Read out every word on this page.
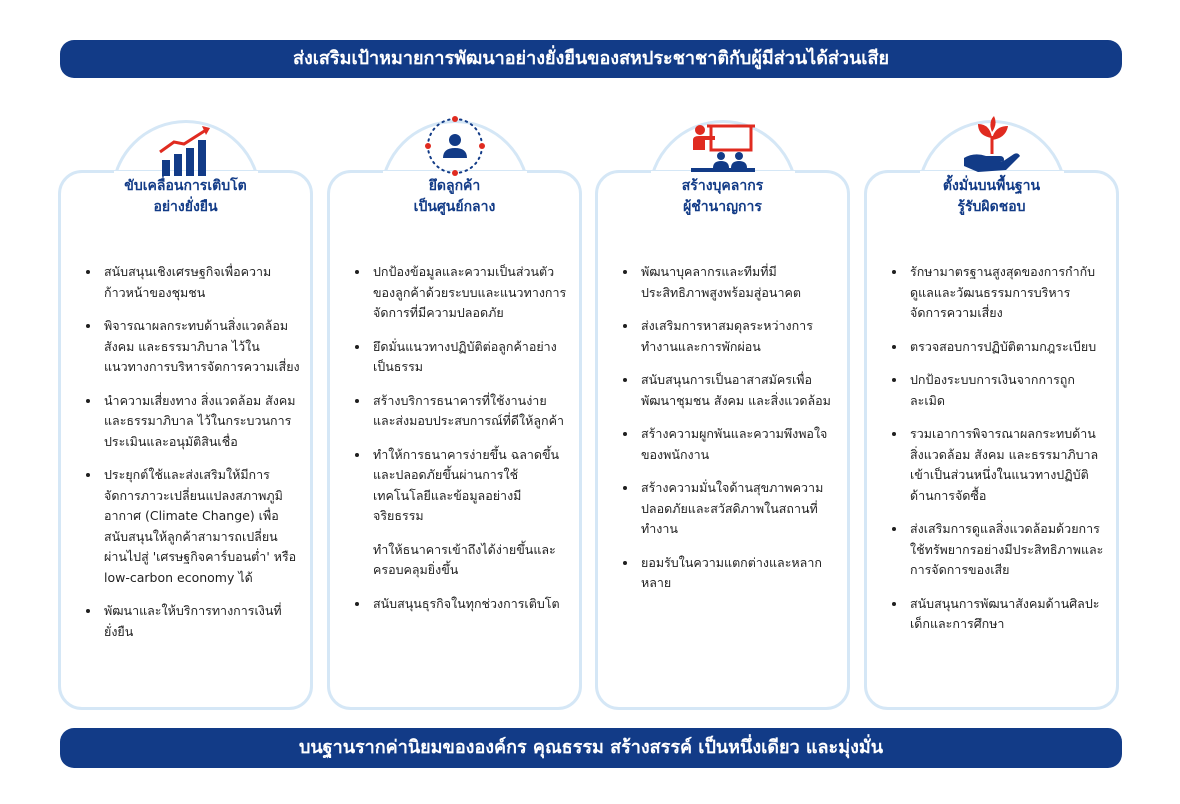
ส่งเสริมเป้าหมายการพัฒนาอย่างยั่งยืนของสหประชาชาติกับผู้มีส่วนได้ส่วนเสีย
ขับเคลื่อนการเติบโต
อย่างยั่งยืน
สนับสนุนเชิงเศรษฐกิจเพื่อความก้าวหน้าของชุมชน
พิจารณาผลกระทบด้านสิ่งแวดล้อม สังคม และธรรมาภิบาล ไว้ในแนวทางการบริหารจัดการความเสี่ยง
นำความเสี่ยงทาง สิ่งแวดล้อม สังคม และธรรมาภิบาล ไว้ในกระบวนการประเมินและอนุมัติสินเชื่อ
ประยุกต์ใช้และส่งเสริมให้มีการจัดการภาวะเปลี่ยนแปลงสภาพภูมิอากาศ (Climate Change) เพื่อสนับสนุนให้ลูกค้าสามารถเปลี่ยนผ่านไปสู่ 'เศรษฐกิจคาร์บอนต่ำ' หรือ low-carbon economy ได้
พัฒนาและให้บริการทางการเงินที่ยั่งยืน
ยึดลูกค้า
เป็นศูนย์กลาง
ปกป้องข้อมูลและความเป็นส่วนตัวของลูกค้าด้วยระบบและแนวทางการจัดการที่มีความปลอดภัย
ยึดมั่นแนวทางปฏิบัติต่อลูกค้าอย่างเป็นธรรม
สร้างบริการธนาคารที่ใช้งานง่ายและส่งมอบประสบการณ์ที่ดีให้ลูกค้า
ทำให้การธนาคารง่ายขึ้น ฉลาดขึ้น และปลอดภัยขึ้นผ่านการใช้เทคโนโลยีและข้อมูลอย่างมีจริยธรรม
ทำให้ธนาคารเข้าถึงได้ง่ายขึ้นและครอบคลุมยิ่งขึ้น
สนับสนุนธุรกิจในทุกช่วงการเติบโต
สร้างบุคลากร
ผู้ชำนาญการ
พัฒนาบุคลากรและทีมที่มีประสิทธิภาพสูงพร้อมสู่อนาคต
ส่งเสริมการหาสมดุลระหว่างการทำงานและการพักผ่อน
สนับสนุนการเป็นอาสาสมัครเพื่อพัฒนาชุมชน สังคม และสิ่งแวดล้อม
สร้างความผูกพันและความพึงพอใจของพนักงาน
สร้างความมั่นใจด้านสุขภาพความปลอดภัยและสวัสดิภาพในสถานที่ทำงาน
ยอมรับในความแตกต่างและหลากหลาย
ตั้งมั่นบนพื้นฐาน
รู้รับผิดชอบ
รักษามาตรฐานสูงสุดของการกำกับดูแลและวัฒนธรรมการบริหารจัดการความเสี่ยง
ตรวจสอบการปฏิบัติตามกฎระเบียบ
ปกป้องระบบการเงินจากการถูกละเมิด
รวมเอาการพิจารณาผลกระทบด้านสิ่งแวดล้อม สังคม และธรรมาภิบาลเข้าเป็นส่วนหนึ่งในแนวทางปฏิบัติด้านการจัดซื้อ
ส่งเสริมการดูแลสิ่งแวดล้อมด้วยการใช้ทรัพยากรอย่างมีประสิทธิภาพและการจัดการของเสีย
สนับสนุนการพัฒนาสังคมด้านศิลปะ เด็กและการศึกษา
บนฐานรากค่านิยมขององค์กร คุณธรรม สร้างสรรค์ เป็นหนึ่งเดียว และมุ่งมั่น
